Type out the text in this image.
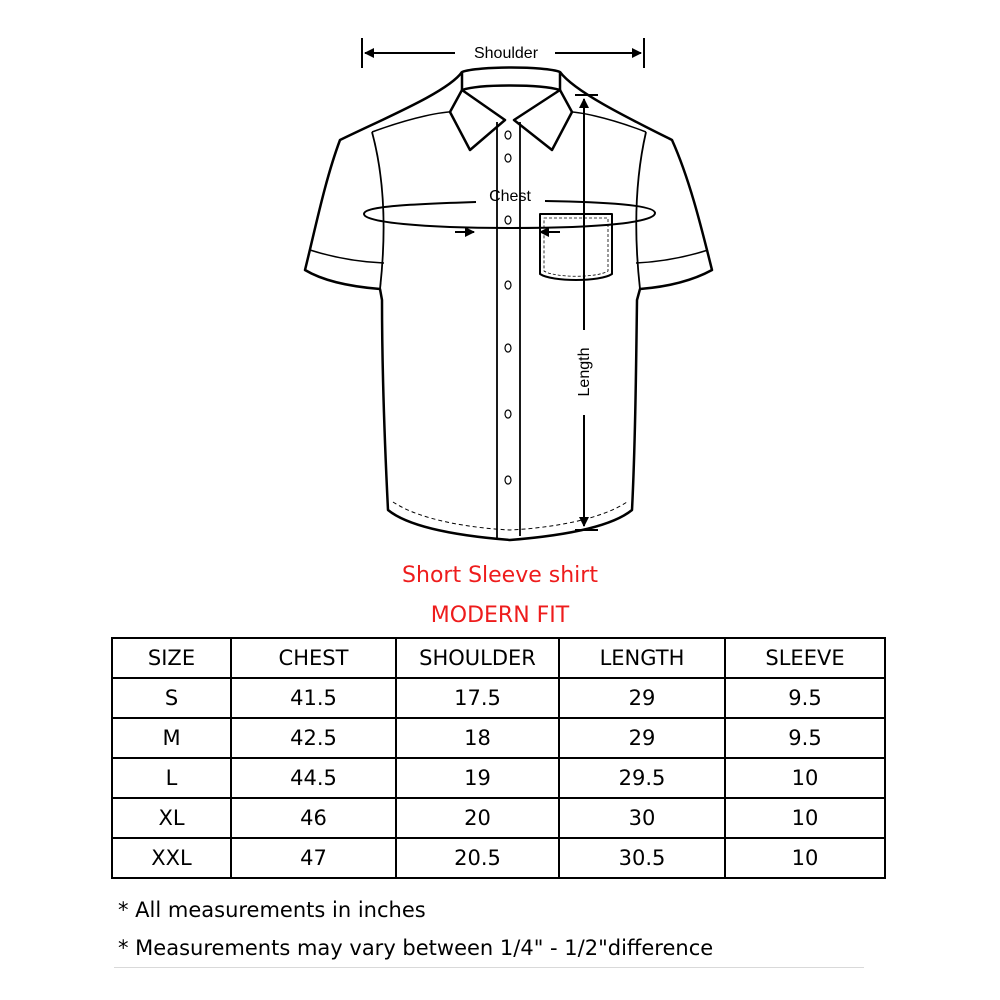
Shoulder
Chest
Length
Short Sleeve shirt
MODERN FIT
SIZE	CHEST	SHOULDER	LENGTH	SLEEVE
S	41.5	17.5	29	9.5
M	42.5	18	29	9.5
L	44.5	19	29.5	10
XL	46	20	30	10
XXL	47	20.5	30.5	10
* All measurements in inches
* Measurements may vary between 1/4" - 1/2"difference
